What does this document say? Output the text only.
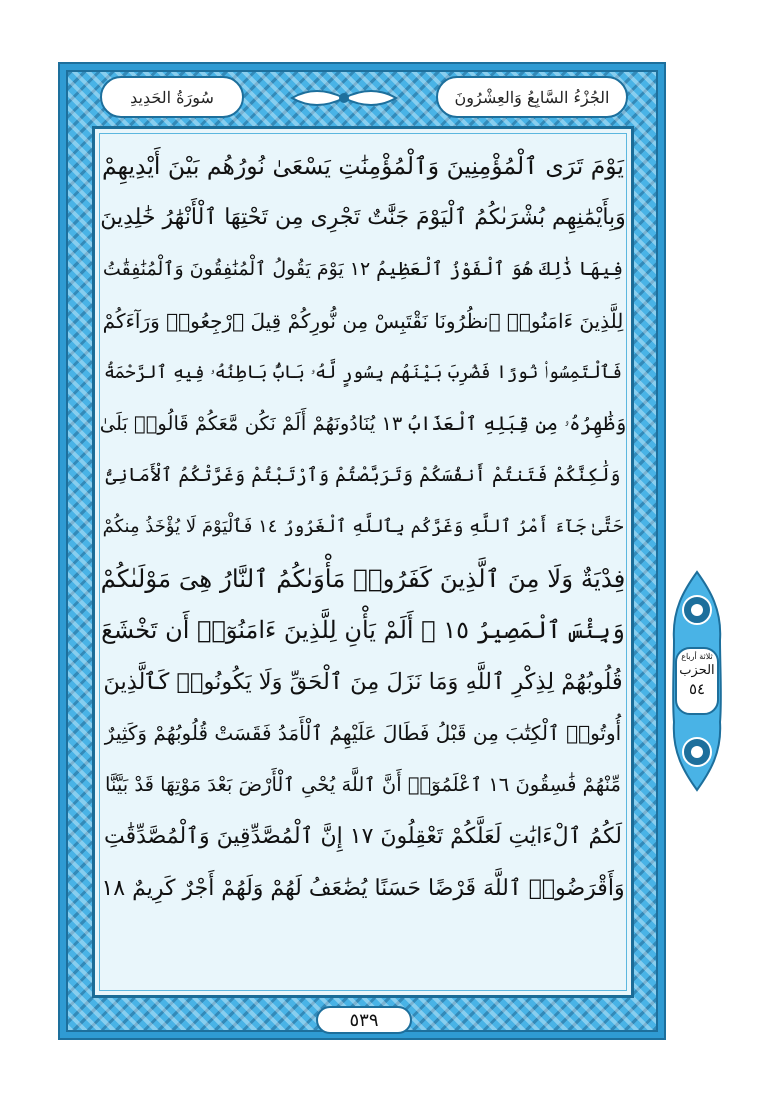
الجُزْءُ السَّابِعُ وَالعِشْرُونَ
سُورَةُ الحَدِيدِ
يَوْمَ تَرَى ٱلْمُؤْمِنِينَ وَٱلْمُؤْمِنَٰتِ يَسْعَىٰ نُورُهُم بَيْنَ أَيْدِيهِمْ
وَبِأَيْمَٰنِهِم بُشْرَىٰكُمُ ٱلْيَوْمَ جَنَّٰتٌ تَجْرِى مِن تَحْتِهَا ٱلْأَنْهَٰرُ خَٰلِدِينَ
فِيهَا ذَٰلِكَ هُوَ ٱلْفَوْزُ ٱلْعَظِيمُ ١٢ يَوْمَ يَقُولُ ٱلْمُنَٰفِقُونَ وَٱلْمُنَٰفِقَٰتُ
لِلَّذِينَ ءَامَنُوا۟ ٱنظُرُونَا نَقْتَبِسْ مِن نُّورِكُمْ قِيلَ ٱرْجِعُوا۟ وَرَآءَكُمْ
فَٱلْتَمِسُوا۟ نُورًا فَضُرِبَ بَيْنَهُم بِسُورٍ لَّهُۥ بَابٌۢ بَاطِنُهُۥ فِيهِ ٱلرَّحْمَةُ
وَظَٰهِرُهُۥ مِن قِبَلِهِ ٱلْعَذَابُ ١٣ يُنَادُونَهُمْ أَلَمْ نَكُن مَّعَكُمْ قَالُوا۟ بَلَىٰ
وَلَٰكِنَّكُمْ فَتَنتُمْ أَنفُسَكُمْ وَتَرَبَّصْتُمْ وَٱرْتَبْتُمْ وَغَرَّتْكُمُ ٱلْأَمَانِىُّ
حَتَّىٰ جَآءَ أَمْرُ ٱللَّهِ وَغَرَّكُم بِٱللَّهِ ٱلْغَرُورُ ١٤ فَٱلْيَوْمَ لَا يُؤْخَذُ مِنكُمْ
فِدْيَةٌ وَلَا مِنَ ٱلَّذِينَ كَفَرُوا۟ مَأْوَىٰكُمُ ٱلنَّارُ هِىَ مَوْلَىٰكُمْ
وَبِئْسَ ٱلْمَصِيرُ ١٥ ۞ أَلَمْ يَأْنِ لِلَّذِينَ ءَامَنُوٓا۟ أَن تَخْشَعَ
قُلُوبُهُمْ لِذِكْرِ ٱللَّهِ وَمَا نَزَلَ مِنَ ٱلْحَقِّ وَلَا يَكُونُوا۟ كَٱلَّذِينَ
أُوتُوا۟ ٱلْكِتَٰبَ مِن قَبْلُ فَطَالَ عَلَيْهِمُ ٱلْأَمَدُ فَقَسَتْ قُلُوبُهُمْ وَكَثِيرٌ
مِّنْهُمْ فَٰسِقُونَ ١٦ ٱعْلَمُوٓا۟ أَنَّ ٱللَّهَ يُحْىِ ٱلْأَرْضَ بَعْدَ مَوْتِهَا قَدْ بَيَّنَّا
لَكُمُ ٱلْءَايَٰتِ لَعَلَّكُمْ تَعْقِلُونَ ١٧ إِنَّ ٱلْمُصَّدِّقِينَ وَٱلْمُصَّدِّقَٰتِ
وَأَقْرَضُوا۟ ٱللَّهَ قَرْضًا حَسَنًا يُضَٰعَفُ لَهُمْ وَلَهُمْ أَجْرٌ كَرِيمٌ ١٨
ثلاثة أرباع
الحزب
٥٤
٥٣٩
